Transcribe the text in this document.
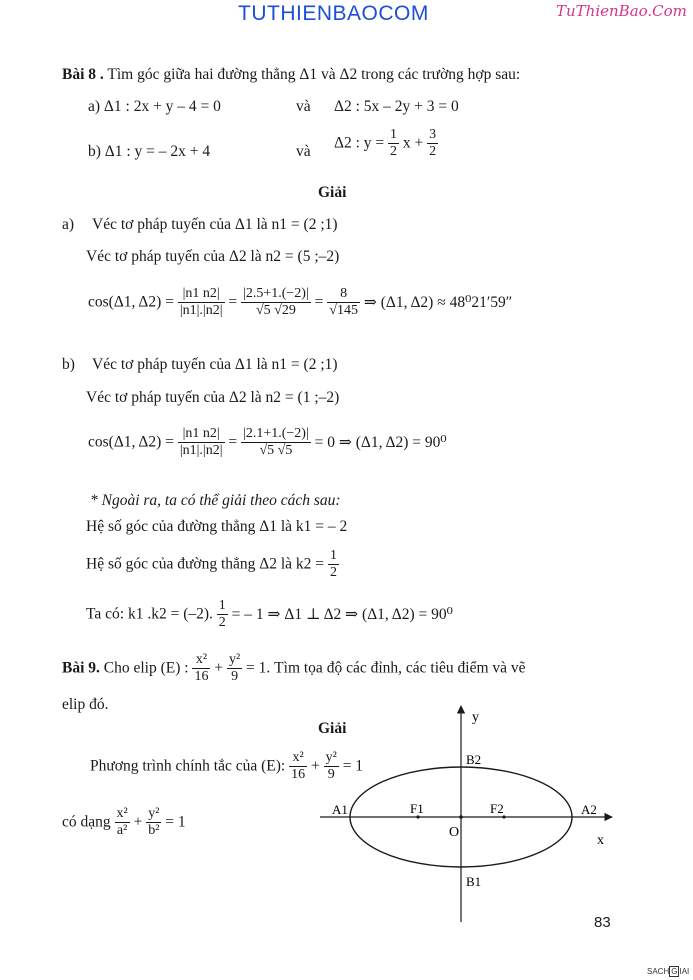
TUTHIENBAOCOM	TuThienBao.Com
Bài 8 . Tìm góc giữa hai đường thẳng Δ1 và Δ2 trong các trường hợp sau:
a) Δ1 : 2x + y – 4 = 0	và Δ2 : 5x – 2y + 3 = 0
b) Δ1 : y = – 2x + 4	và Δ2 : $y = \frac{1}{2}$ $x + \frac{3}{2}$
Giải
a) Véc tơ pháp tuyến của Δ1 là n1 = (2 ;1)
Véc tơ pháp tuyến của Δ2 là n2 = (5 ;–2)
cos(Δ1, $\Delta 2) = \frac{|n1 n2|}{|n1|.|n2|} = \frac{|2.5+1.(-2)|}{√5 √29} = \frac{8}{√145}$ ⇒ (Δ1, Δ2) ≈ 48⁰21′59″
b) Véc tơ pháp tuyến của Δ1 là n1 = (2 ;1)
Véc tơ pháp tuyến của Δ2 là n2 = (1 ;–2)
cos(Δ1, $\Delta 2) = \frac{|n1 n2|}{|n1|.|n2|} = \frac{|2.1+1.(-2)|}{√5 √5} = 0$ ⇒ (Δ1, Δ2) = 90⁰
* Ngoài ra, ta có thể giải theo cách sau:
Hệ số góc của đường thẳng Δ1 là k1 = – 2
Hệ số góc của đường thẳng Δ2 là $k2 = \frac{1}{2}$
Ta có: k1 .k2 = (–2). $\frac{1}{2}$ = – 1 ⇒ Δ1 ⊥ Δ2 ⇒ (Δ1, Δ2) = 90⁰
Bài 9. Cho elip (E) : $\frac{\text{x²}}{16} + \frac{\text{y²}}{9} = 1$. Tìm tọa độ các đỉnh, các tiêu điểm và vẽ
elip đó.
Giải
Phương trình chính tắc của (E): $\frac{\text{x²}}{16} + \frac{\text{y²}}{9} = 1$
có dạng $\frac{\text{x²}}{\text{a²}} + \frac{\text{y²}}{\text{b²}} = 1$
y
x
O
A1	A2
B2
B1
F1	F2
83
SACH G IAI
